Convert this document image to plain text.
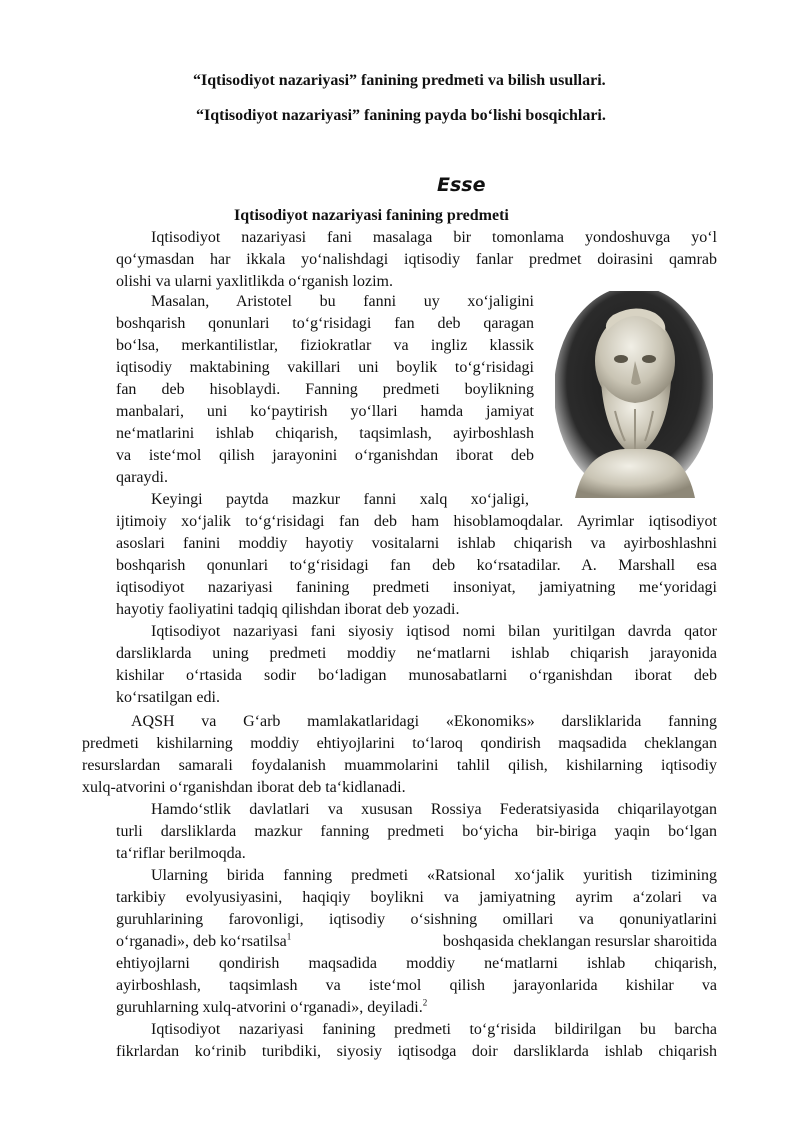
“Iqtisodiyot nazariyasi” fanining predmeti va bilish usullari.
“Iqtisodiyot nazariyasi” fanining payda bo‘lishi bosqichlari.
Esse
Iqtisodiyot nazariyasi fanining predmeti
Iqtisodiyot nazariyasi fani masalaga bir tomonlama yondoshuvga yo‘l
qo‘ymasdan har ikkala yo‘nalishdagi iqtisodiy fanlar predmet doirasini qamrab
olishi va ularni yaxlitlikda o‘rganish lozim.
Masalan, Aristotel bu fanni uy xo‘jaligini
boshqarish qonunlari to‘g‘risidagi fan deb qaragan
bo‘lsa, merkantilistlar, fiziokratlar va ingliz klassik
iqtisodiy maktabining vakillari uni boylik to‘g‘risidagi
fan deb hisoblaydi. Fanning predmeti boylikning
manbalari, uni ko‘paytirish yo‘llari hamda jamiyat
ne‘matlarini ishlab chiqarish, taqsimlash, ayirboshlash
va iste‘mol qilish jarayonini o‘rganishdan iborat deb
qaraydi.
Keyingi paytda mazkur fanni xalq xo‘jaligi,
ijtimoiy xo‘jalik to‘g‘risidagi fan deb ham hisoblamoqdalar. Ayrimlar iqtisodiyot
asoslari fanini moddiy hayotiy vositalarni ishlab chiqarish va ayirboshlashni
boshqarish qonunlari to‘g‘risidagi fan deb ko‘rsatadilar. A. Marshall esa
iqtisodiyot nazariyasi fanining predmeti insoniyat, jamiyatning me‘yoridagi
hayotiy faoliyatini tadqiq qilishdan iborat deb yozadi.
Iqtisodiyot nazariyasi fani siyosiy iqtisod nomi bilan yuritilgan davrda qator
darsliklarda uning predmeti moddiy ne‘matlarni ishlab chiqarish jarayonida
kishilar o‘rtasida sodir bo‘ladigan munosabatlarni o‘rganishdan iborat deb
ko‘rsatilgan edi.
AQSH va G‘arb mamlakatlaridagi «Ekonomiks» darsliklarida fanning
predmeti kishilarning moddiy ehtiyojlarini to‘laroq qondirish maqsadida cheklangan
resurslardan samarali foydalanish muammolarini tahlil qilish, kishilarning iqtisodiy
xulq-atvorini o‘rganishdan iborat deb ta‘kidlanadi.
Hamdo‘stlik davlatlari va xususan Rossiya Federatsiyasida chiqarilayotgan
turli darsliklarda mazkur fanning predmeti bo‘yicha bir-biriga yaqin bo‘lgan
ta‘riflar berilmoqda.
Ularning birida fanning predmeti «Ratsional xo‘jalik yuritish tizimining
tarkibiy evolyusiyasini, haqiqiy boylikni va jamiyatning ayrim a‘zolari va
guruhlarining farovonligi, iqtisodiy o‘sishning omillari va qonuniyatlarini
o‘rganadi», deb ko‘rsatilsa$^1$	boshqasida cheklangan resurslar sharoitida
ehtiyojlarni qondirish maqsadida moddiy ne‘matlarni ishlab chiqarish,
ayirboshlash, taqsimlash va iste‘mol qilish jarayonlarida kishilar va
guruhlarning xulq-atvorini o‘rganadi», deyiladi.$^2$
Iqtisodiyot nazariyasi fanining predmeti to‘g‘risida bildirilgan bu barcha
fikrlardan ko‘rinib turibdiki, siyosiy iqtisodga doir darsliklarda ishlab chiqarish
